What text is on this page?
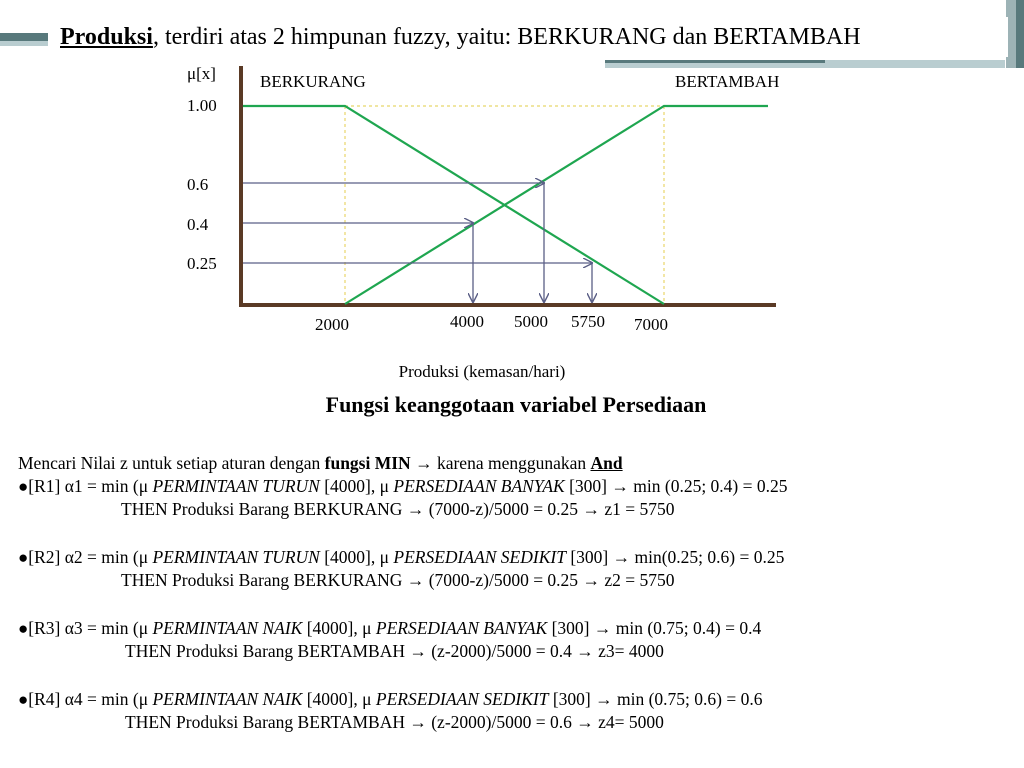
Produksi, terdiri atas 2 himpunan fuzzy, yaitu: BERKURANG dan BERTAMBAH
μ[x]
1.00
0.6
0.4
0.25
BERKURANG	BERTAMBAH
2000	4000 5000 5750 7000
Produksi (kemasan/hari)
Fungsi keanggotaan variabel Persediaan
Mencari Nilai z untuk setiap aturan dengan fungsi MIN → karena menggunakan And
●[R1] α1 = min (μ PERMINTAAN TURUN [4000], μ PERSEDIAAN BANYAK [300] → min (0.25; 0.4) = 0.25
THEN Produksi Barang BERKURANG → (7000-z)/5000 = 0.25 → z1 = 5750
●[R2] α2 = min (μ PERMINTAAN TURUN [4000], μ PERSEDIAAN SEDIKIT [300] → min(0.25; 0.6) = 0.25
THEN Produksi Barang BERKURANG → (7000-z)/5000 = 0.25 → z2 = 5750
●[R3] α3 = min (μ PERMINTAAN NAIK [4000], μ PERSEDIAAN BANYAK [300] → min (0.75; 0.4) = 0.4
THEN Produksi Barang BERTAMBAH → (z-2000)/5000 = 0.4 → z3= 4000
●[R4] α4 = min (μ PERMINTAAN NAIK [4000], μ PERSEDIAAN SEDIKIT [300] → min (0.75; 0.6) = 0.6
THEN Produksi Barang BERTAMBAH → (z-2000)/5000 = 0.6 → z4= 5000
